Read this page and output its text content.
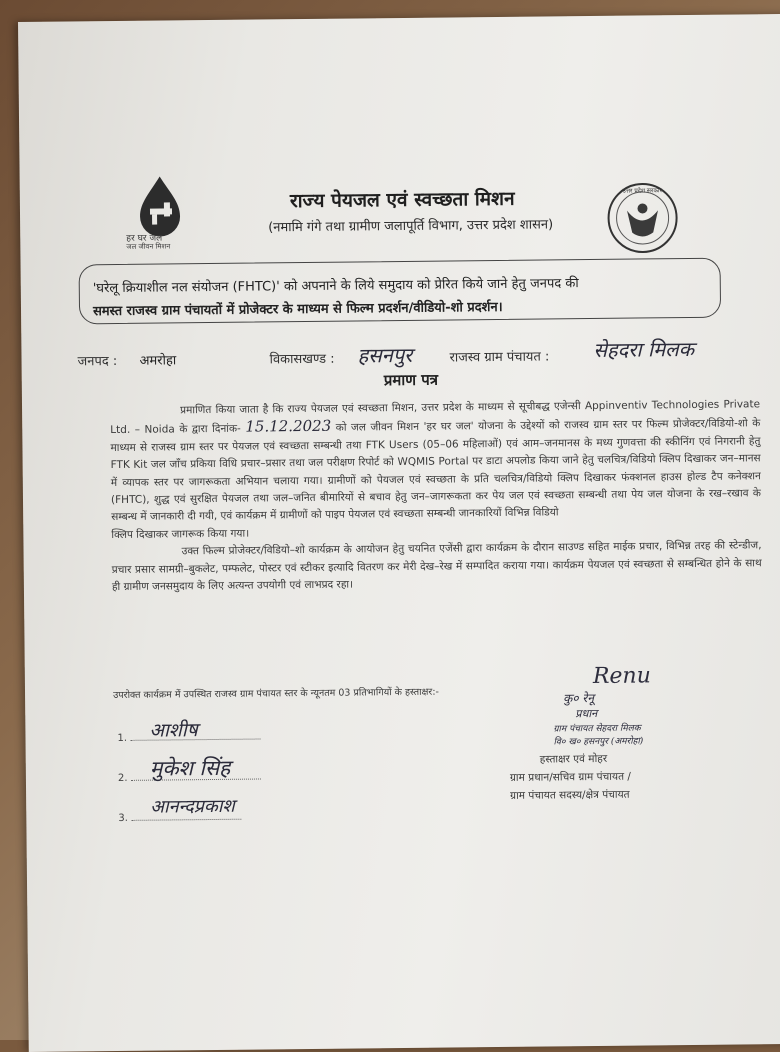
हर घर जल
जल जीवन मिशन
उत्तर प्रदेश सरकार
राज्य पेयजल एवं स्वच्छता मिशन
(नमामि गंगे तथा ग्रामीण जलापूर्ति विभाग, उत्तर प्रदेश शासन)
'घरेलू क्रियाशील नल संयोजन (FHTC)' को अपनाने के लिये समुदाय को प्रेरित किये जाने हेतु जनपद की
समस्त राजस्व ग्राम पंचायतों में प्रोजेक्टर के माध्यम से फिल्म प्रदर्शन/वीडियो-शो प्रदर्शन।
जनपद : अमरोहा	विकासखण्ड : हसनपुर	राजस्व ग्राम पंचायत : सेहदरा मिलक
प्रमाण पत्र

प्रमाणित किया जाता है कि राज्य पेयजल एवं स्वच्छता मिशन, उत्तर प्रदेश के माध्यम से सूचीबद्ध एजेन्सी Appinventiv Technologies Private Ltd. – Noida के द्वारा दिनांक- 15.12.2023 को जल जीवन मिशन 'हर घर जल' योजना के उद्देश्यों को राजस्व ग्राम स्तर पर फिल्म प्रोजेक्टर/विडियो-शो के माध्यम से राजस्व ग्राम स्तर पर पेयजल एवं स्वच्छता सम्बन्धी तथा FTK Users (05–06 महिलाओं) एवं आम–जनमानस के मध्य गुणवत्ता की स्कीनिंग एवं निगरानी हेतु FTK Kit जल जाँच प्रकिया विधि प्रचार–प्रसार तथा जल परीक्षण रिपोर्ट को WQMIS Portal पर डाटा अपलोड किया जाने हेतु चलचित्र/विडियो क्लिप दिखाकर जन–मानस में व्यापक स्तर पर जागरूकता अभियान चलाया गया। ग्रामीणों को पेयजल एवं स्वच्छता के प्रति चलचित्र/विडियो क्लिप दिखाकर फंक्शनल हाउस होल्ड टैप कनेक्शन (FHTC), शुद्ध एवं सुरक्षित पेयजल तथा जल–जनित बीमारियों से बचाव हेतु जन–जागरूकता कर पेय जल एवं स्वच्छता सम्बन्धी तथा पेय जल योजना के रख–रखाव के सम्बन्ध में जानकारी दी गयी, एवं कार्यक्रम में ग्रामीणों को पाइप पेयजल एवं स्वच्छता सम्बन्धी जानकारियों विभिन्न विडियो

क्लिप दिखाकर जागरूक किया गया।

उक्त फिल्म प्रोजेक्टर/विडियो–शो कार्यक्रम के आयोजन हेतु चयनित एजेंसी द्वारा कार्यक्रम के दौरान साउण्ड सहित माईक प्रचार, विभिन्न तरह की स्टेन्डीज, प्रचार प्रसार सामग्री–बुकलेट, पम्फलेट, पोस्टर एवं स्टीकर इत्यादि वितरण कर मेरी देख–रेख में सम्पादित कराया गया। कार्यक्रम पेयजल एवं स्वच्छता से सम्बन्धित होने के साथ ही ग्रामीण जनसमुदाय के लिए अत्यन्त उपयोगी एवं लाभप्रद रहा।

उपरोक्त कार्यक्रम में उपस्थित राजस्व ग्राम पंचायत स्तर के न्यूनतम 03 प्रतिभागियों के हस्ताक्षर:-
1.	आशीष
2.	मुकेश सिंह
3.
आनन्दप्रकाश
Renu
कु० रेनू
प्रधान
ग्राम पंचायत सेहदरा मिलक
वि० ख० हसनपुर (अमरोहा)
हस्ताक्षर एवं मोहर
ग्राम प्रधान/सचिव ग्राम पंचायत /
ग्राम पंचायत सदस्य/क्षेत्र पंचायत
